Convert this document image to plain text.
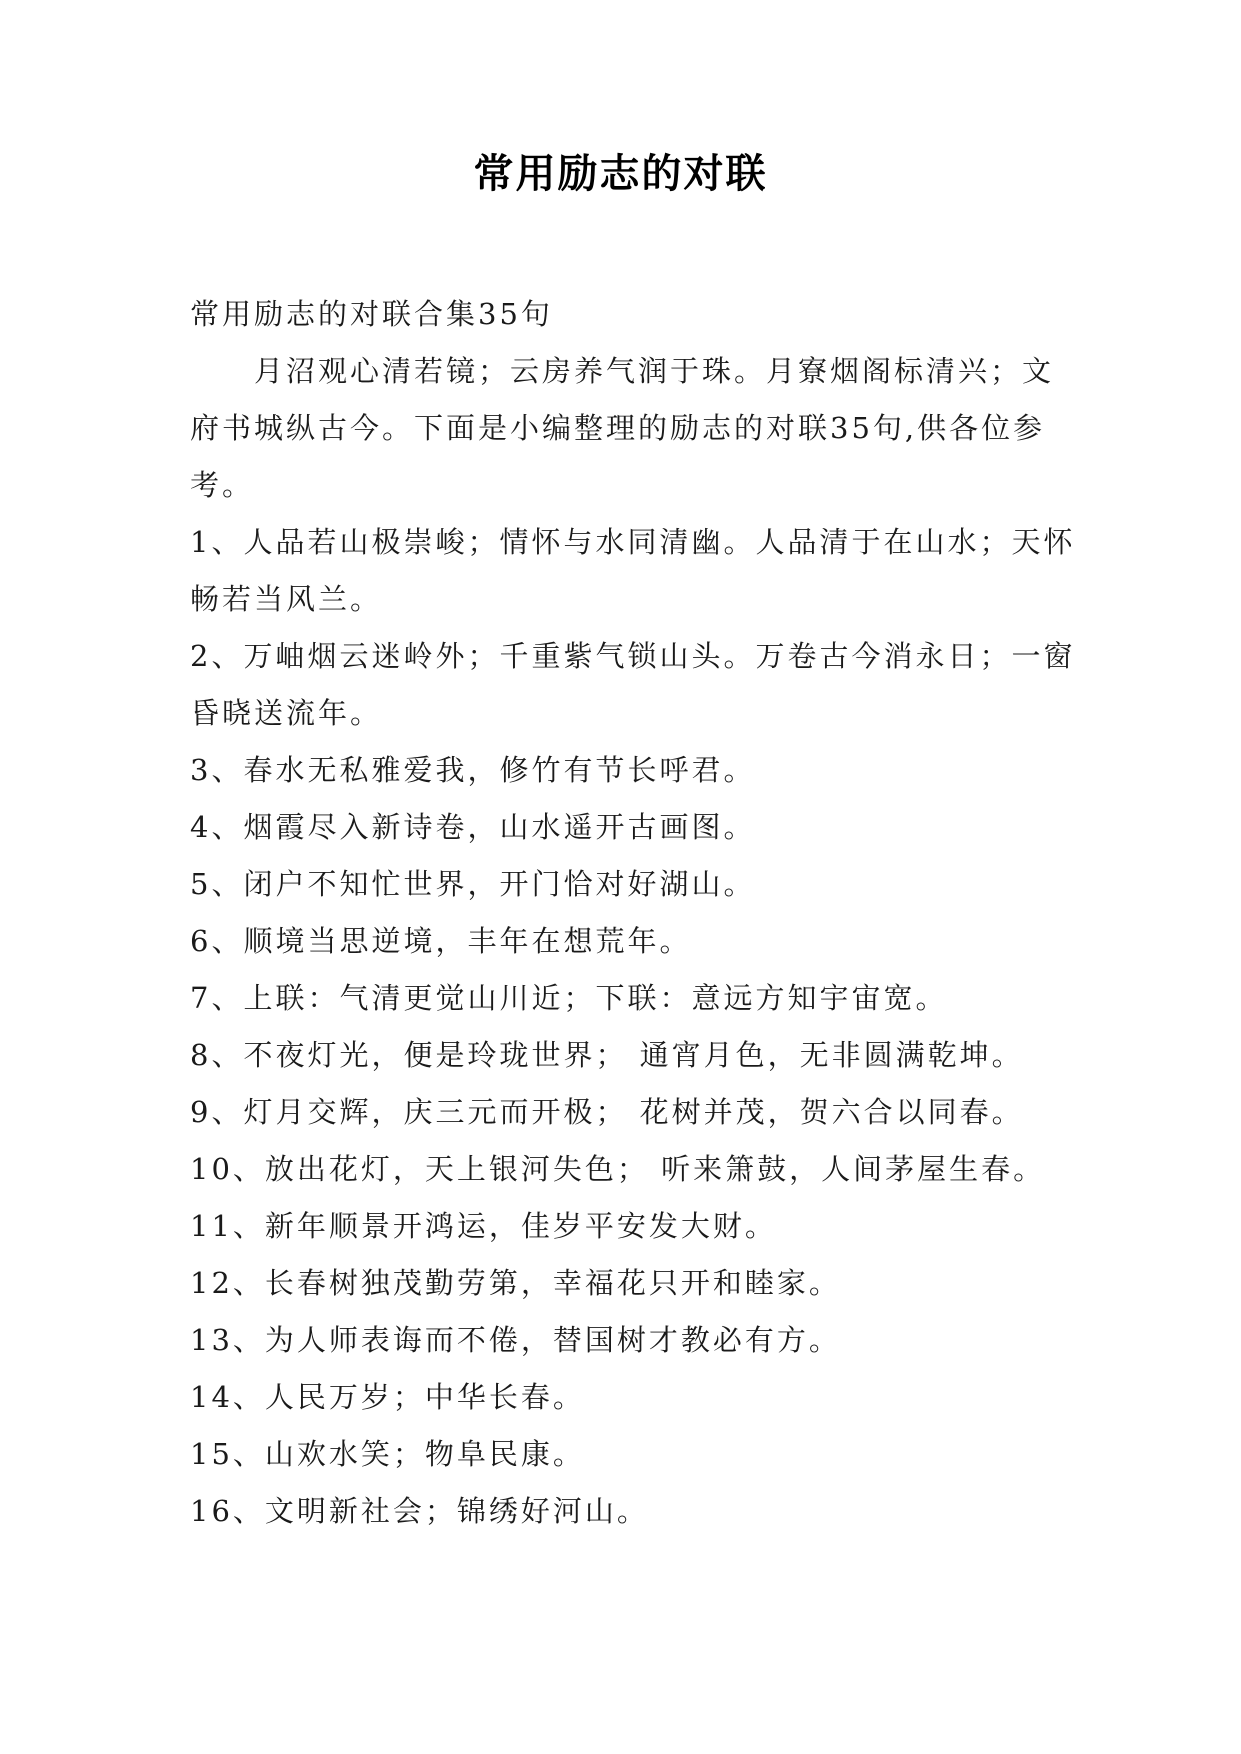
常用励志的对联

常用励志的对联合集35句

月沼观心清若镜；云房养气润于珠。月寮烟阁标清兴；文府书城纵古今。下面是小编整理的励志的对联35句,供各位参考。

1、人品若山极崇峻；情怀与水同清幽。人品清于在山水；天怀畅若当风兰。

2、万岫烟云迷岭外；千重紫气锁山头。万卷古今消永日；一窗昏晓送流年。

3、春水无私雅爱我，修竹有节长呼君。

4、烟霞尽入新诗卷，山水遥开古画图。

5、闭户不知忙世界，开门恰对好湖山。

6、顺境当思逆境，丰年在想荒年。

7、上联：气清更觉山川近；下联：意远方知宇宙宽。

8、不夜灯光，便是玲珑世界； 通宵月色，无非圆满乾坤。

9、灯月交辉，庆三元而开极； 花树并茂，贺六合以同春。

10、放出花灯，天上银河失色； 听来箫鼓，人间茅屋生春。

11、新年顺景开鸿运，佳岁平安发大财。

12、长春树独茂勤劳第，幸福花只开和睦家。

13、为人师表诲而不倦，替国树才教必有方。

14、人民万岁；中华长春。

15、山欢水笑；物阜民康。

16、文明新社会；锦绣好河山。
